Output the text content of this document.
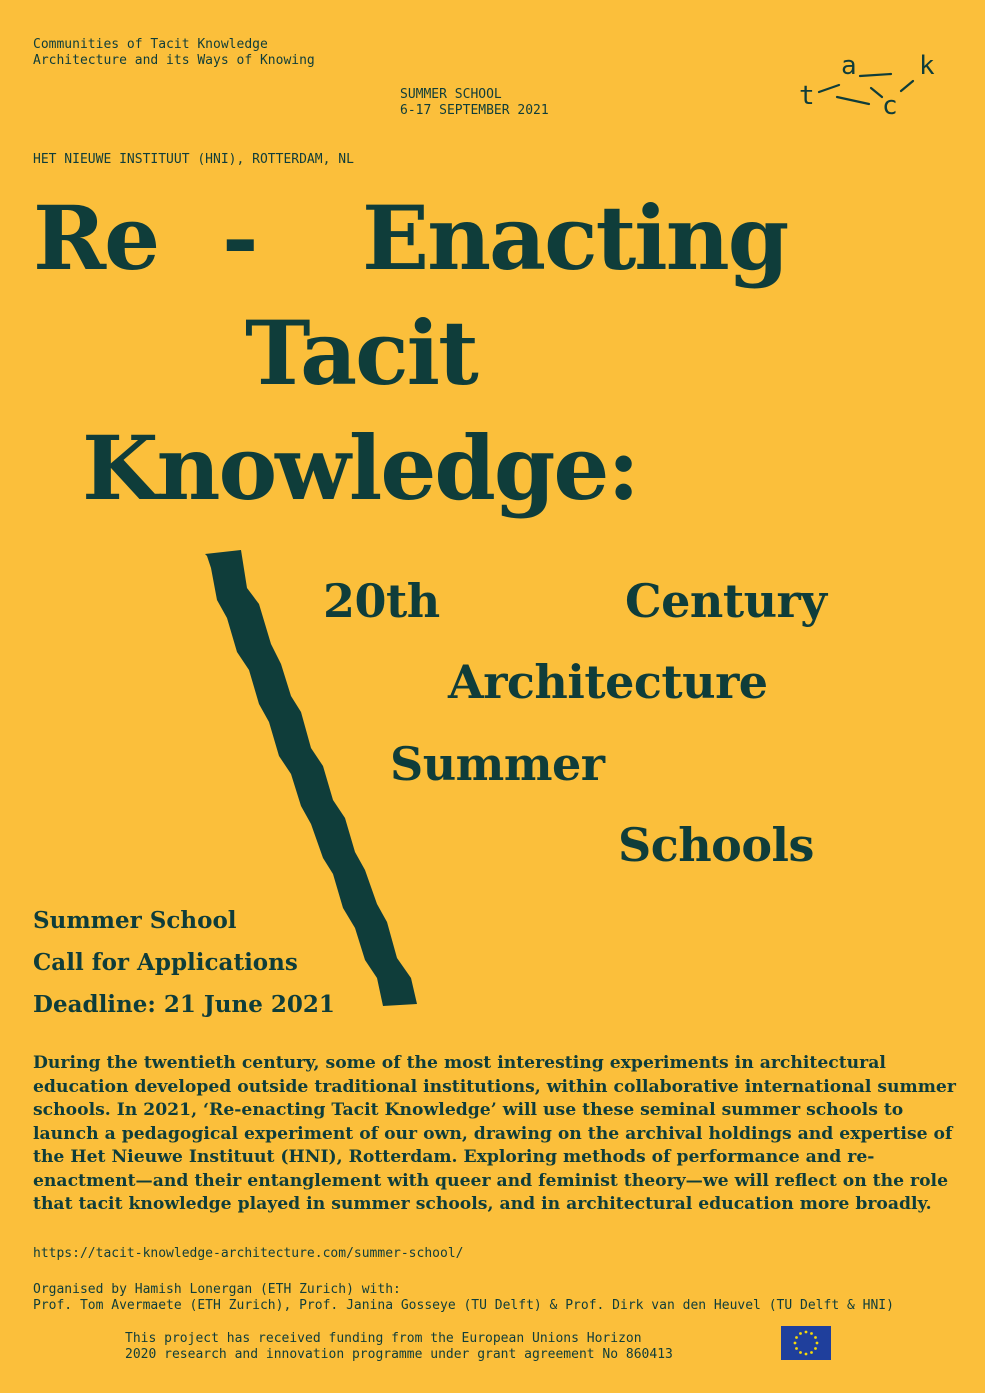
Communities of Tacit Knowledge
Architecture and its Ways of Knowing
SUMMER SCHOOL
6-17 SEPTEMBER 2021
HET NIEUWE INSTITUUT (HNI), ROTTERDAM, NL
t
a
c
k
Re - Enacting
Tacit
Knowledge:
20th	Century
Architecture
Summer
Schools
Summer School
Call for Applications
Deadline: 21 June 2021
During the twentieth century, some of the most interesting experiments in architectural education developed outside traditional institutions, within collaborative international summer schools. In 2021, ‘Re-enacting Tacit Knowledge’ will use these seminal summer schools to launch a pedagogical experiment of our own, drawing on the archival holdings and expertise of the Het Nieuwe Instituut (HNI), Rotterdam. Exploring methods of performance and re-enactment—and their entanglement with queer and feminist theory—we will reflect on the role that tacit knowledge played in summer schools, and in architectural education more broadly.
https://tacit-knowledge-architecture.com/summer-school/
Organised by Hamish Lonergan (ETH Zurich) with:
Prof. Tom Avermaete (ETH Zurich), Prof. Janina Gosseye (TU Delft) & Prof. Dirk van den Heuvel (TU Delft & HNI)
This project has received funding from the European Unions Horizon
2020 research and innovation programme under grant agreement No 860413
